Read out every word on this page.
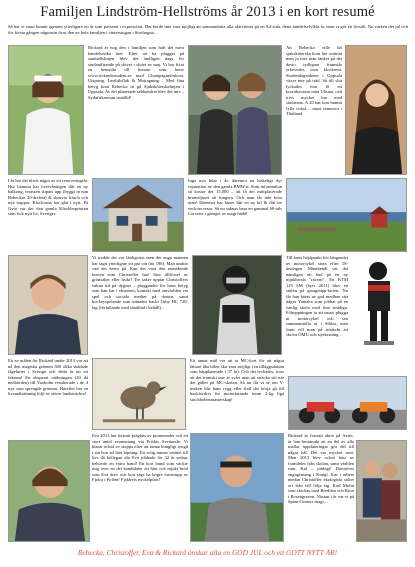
Familjen Lindström-Hellströms år 2013 i en kort resumé
Så har vi snart hunnit igenom ytterligare ett år som passerat i expressfart. Det borde inte vara möjligt att sammanfatta alla aktiviteter på en A4-sida, detta händelsefyllda år, men vi gör ett försök. Nu varken det jul och för första gången någonsin firas den av hela familjen i vinterstugan i Storhogna…
Rickard är nog den i familjen som haft det mest händelserika året. Efter att ha pluggat på samhällslinjen blev det ändligen dags för studentfirande på skivet i slutet av maj. Vi har fixat en hemsida till honom som heter www.rickardsstudent.se med Champagnefrukost, Utspring, Lastbilsflak & Mottagning… Med fina betyg kom Rebecka in på Sjuksköterskelinjen i Uppsala. Av det planerade sabbatsåret blev det inte – Sydafrikaresan inställd!
Att Rebecka ville bli sjuksköterska kom lite oväntat men ju mer man tänker på det desto tydligare framstår yrkesvalet som klockrent. Studentlägenheter i Uppsala växer inte på träd. Så till slut lyckades hon få ett korridorsrum nära Ultuna, och trivs mycket bra med studierna. A 20 har hon hunnit fylla också – samt semestra i Thailand.
I år har det blivit något av ett renoveringsår. Hur bemma har övervåningen fått en ny balkong, terassen slipats upp (byggt in nan Rebeckas 20-årsfest) & skruvat fräsch och nya trappor. Klockorna har gått i nytt. På Gytö var det den gamla Klockboprästen som fick nytt liv. Sveriges
Inga nya bilar i år, däremot en hiskeligt dyr reparation av den gamla BMW:n. Som information så kostar det 15.000 – att få det mittplacerade bromsljuset att fungera. Och man får inte köra utan! Däremot har huset fått en ny bil & fått tre veckors resor. Så nu saknas bara en gammal 60-tals Corvette i garaget av magi hädä!
Vi trodde det var färdigväxt men det unga mannen har tagit ytterligare ett par cm (nu 186). Man undrar vad det beror på. Kan det vara den enastående kosten som Christoffer har! Stor tillförsel av grönsaker eller frukt? Tre saker upptar Christoffers vakna tid på dygnet – pluggandet för hans betyg som han har i ekonomi, kontakt med omvärlden via spel och sociala medier på datorn, samt hockeyspelande som tränades backi Tuby HC 720-lag (förfallande med tändtlad i behåll)…
Till årets höjdpunkt hör bärgandet av motorcykel strax efter 18-årsdagen. Minabendi var det nämligen ett bud på en ny mjukbroda "racern". En KTM 125 SM (hyrs 2011) blev en stulen på garageupp-farten. Nu får han bäras av god medlem rätt några Yamaha som jobbat på en vanlig skola med fina smidiga. Föhoppningen är att smart plugga ut motorcykel och sen sammanställa ut i Sthlm, men fram vill man på tröskeln att skriva ÖMU och styrkerning…
Ett av målen för Rickard under 2013 var att nå den magiska gränsen 300 olika skådade fågelarter i Sverige och detta är nu ett faktum! En desperat utökningen (20 då nedbörden) till Vaxholm resulterade i de 4 nya som sprengde gränsen. Härefter har en livsmålsättning följt av större landsträckor!
Ett annat mål var att ta MC-kort för att några lättare åka bilen ska vara möjligt (en tilläggsdatum som häpplanerade t 37 år). Och det lyckades, trots att det ironiskt inte är svårt utan att sträcka sitt när det gäller på MC-skolan. Så nu får vi se om V-maken blir hans rygg eller ifall det börja gå till backfordret för motorfarande inom 2-kg liga stockholmsmästerskap!
Eva 2013 har fortsatt präglats av promenader och ett stort antal evenemang via Friskis Svettande. Vi klarar också av stoppa efter att tunna kungligt tyngd i sin hon att lära löpning. Ett rolig minne vattnet till livs då kollegan där Eva jobbade för 32 år sedan, behövde en extra hand! En kort hund som väckte mig över en del kandidater ett hårt och mjukt bröd som Eva drev och hon sägs ha högre fartstrupp av Fjolor i Pollen! Fjolårets nyckelplats!
Rickard är fortsatt aktiv på Aztec, är han bestämda att en del av alla mallar uppdateringar gör del till några hål. Det var mycket runt. Men 2013 blev också bäst av framdeles från skolan, samt världen runt. Kul – jobbigt! Därutöver engagemang i Kungl. Kar i arbete medan Christoffer ekologiskt söker ort från vill följa sig. Karl Molin som skickas med Bredden och Rose i Rosengraven. Nästan i år var vi på Spine Centers magi…
Rebecka, Christoffer, Eva & Rickard önskar alla en GOD JUL och ett GOTT NYTT ÅR!
